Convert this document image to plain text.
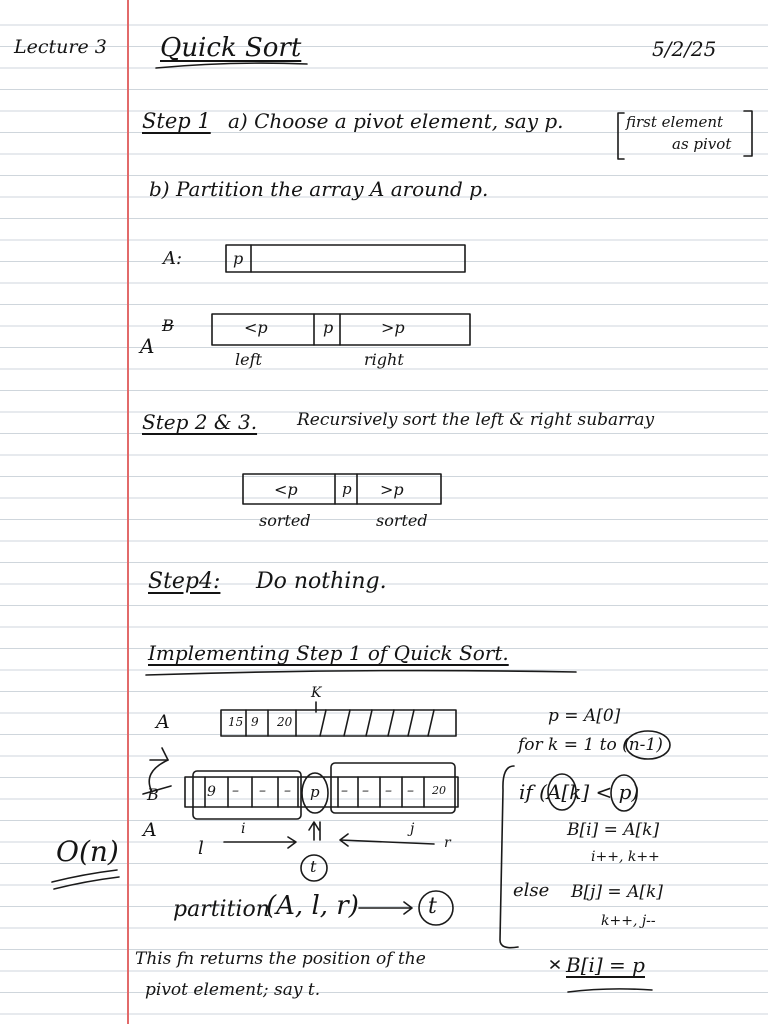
Lecture 3 Quick Sort	5/2/25
Step 1 a) Choose a pivot element, say p.	first element
as pivot
b) Partition the array A around p.
A:	p
B
A
<p	p	>p
left	right
Step 2 & 3. Recursively sort the left & right subarray
<p	p >p
sorted	sorted
Step4: Do nothing.
Implementing Step 1 of Quick Sort.
K
A	15 9 20
9 – – – p – – – – 20
A	i	j
l	r
t
O(n)
p = A[0]
for k = 1 to (n-1)
if (A[k] < p)
B[i] = A[k]
i++, k++
else B[j] = A[k]
k++, j--
B[i] = p
partition
(A, l, r)	t
This fn returns the position of the
pivot element; say t.
B
